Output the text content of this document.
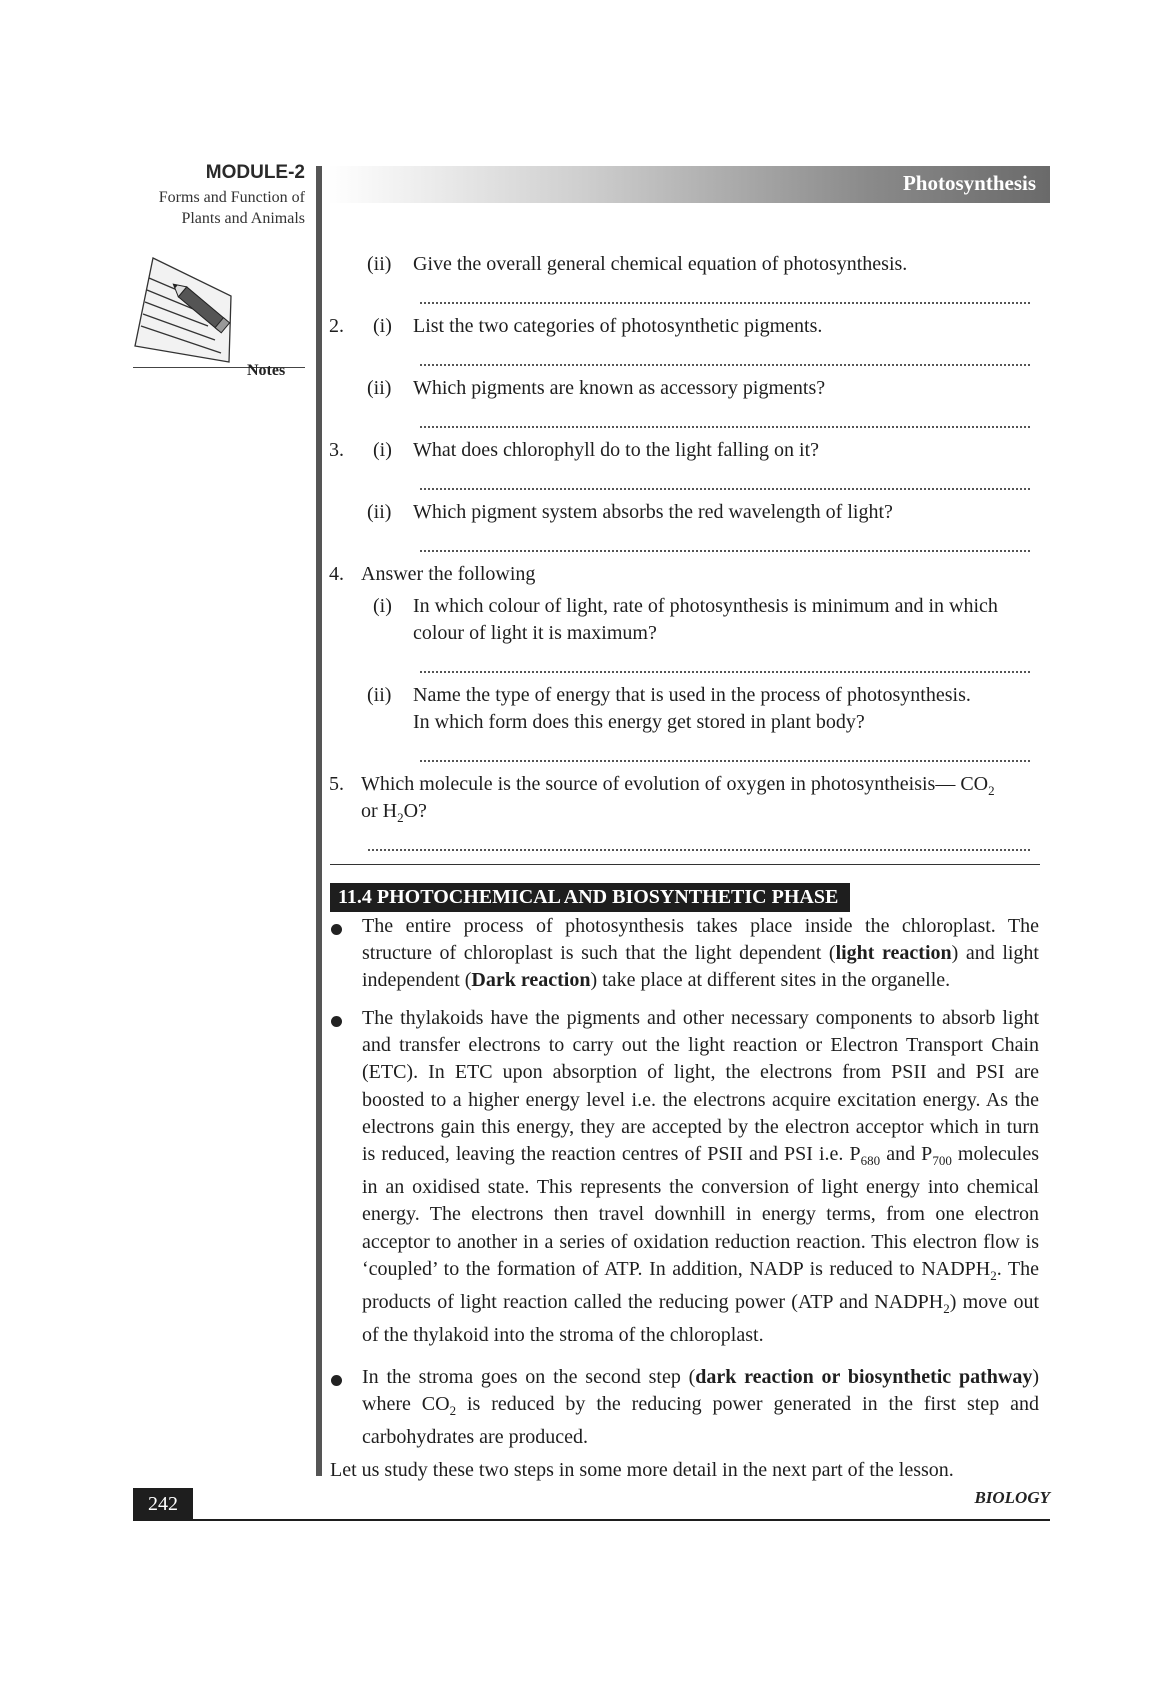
MODULE-2
Forms and Function of
Plants and Animals
Notes
Photosynthesis
(ii) Give the overall general chemical equation of photosynthesis.
2. (i) List the two categories of photosynthetic pigments.
(ii) Which pigments are known as accessory pigments?
3. (i) What does chlorophyll do to the light falling on it?
(ii) Which pigment system absorbs the red wavelength of light?
4. Answer the following
(i) In which colour of light, rate of photosynthesis is minimum and in which
colour of light it is maximum?
(ii) Name the type of energy that is used in the process of photosynthesis.
In which form does this energy get stored in plant body?
5. Which molecule is the source of evolution of oxygen in photosyntheisis— $CO_2$
or $H_2O$?
11.4 PHOTOCHEMICAL AND BIOSYNTHETIC PHASE
The entire process of photosynthesis takes place inside the chloroplast. The structure of chloroplast is such that the light dependent (light reaction) and light independent (Dark reaction) take place at different sites in the organelle.
The thylakoids have the pigments and other necessary components to absorb light and transfer electrons to carry out the light reaction or Electron Transport Chain (ETC). In ETC upon absorption of light, the electrons from PSII and PSI are boosted to a higher energy level i.e. the electrons acquire excitation energy. As the electrons gain this energy, they are accepted by the electron acceptor which in turn is reduced, leaving the reaction centres of PSII and PSI i.e. $P_{680}$ and $P_{700}$ molecules in an oxidised state. This represents the conversion of light energy into chemical energy. The electrons then travel downhill in energy terms, from one electron acceptor to another in a series of oxidation reduction reaction. This electron flow is ‘coupled’ to the formation of ATP. In addition, NADP is reduced to $NADPH_2$. The products of light reaction called the reducing power (ATP and $NADPH_2$) move out of the thylakoid into the stroma of the chloroplast.
In the stroma goes on the second step (dark reaction or biosynthetic pathway) where $CO_2$ is reduced by the reducing power generated in the first step and carbohydrates are produced.
Let us study these two steps in some more detail in the next part of the lesson.
242	BIOLOGY
